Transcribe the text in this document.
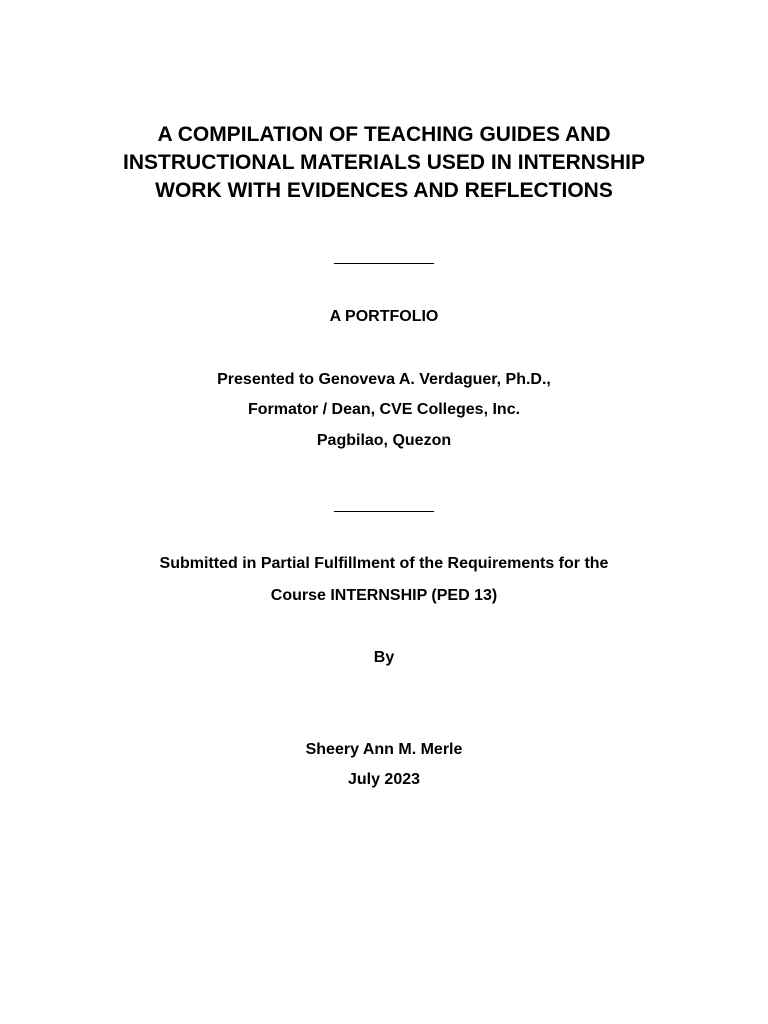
A COMPILATION OF TEACHING GUIDES AND
INSTRUCTIONAL MATERIALS USED IN INTERNSHIP
WORK WITH EVIDENCES AND REFLECTIONS
A PORTFOLIO
Presented to Genoveva A. Verdaguer, Ph.D.,
Formator / Dean, CVE Colleges, Inc.
Pagbilao, Quezon
Submitted in Partial Fulfillment of the Requirements for the
Course INTERNSHIP (PED 13)
By
Sheery Ann M. Merle
July 2023
